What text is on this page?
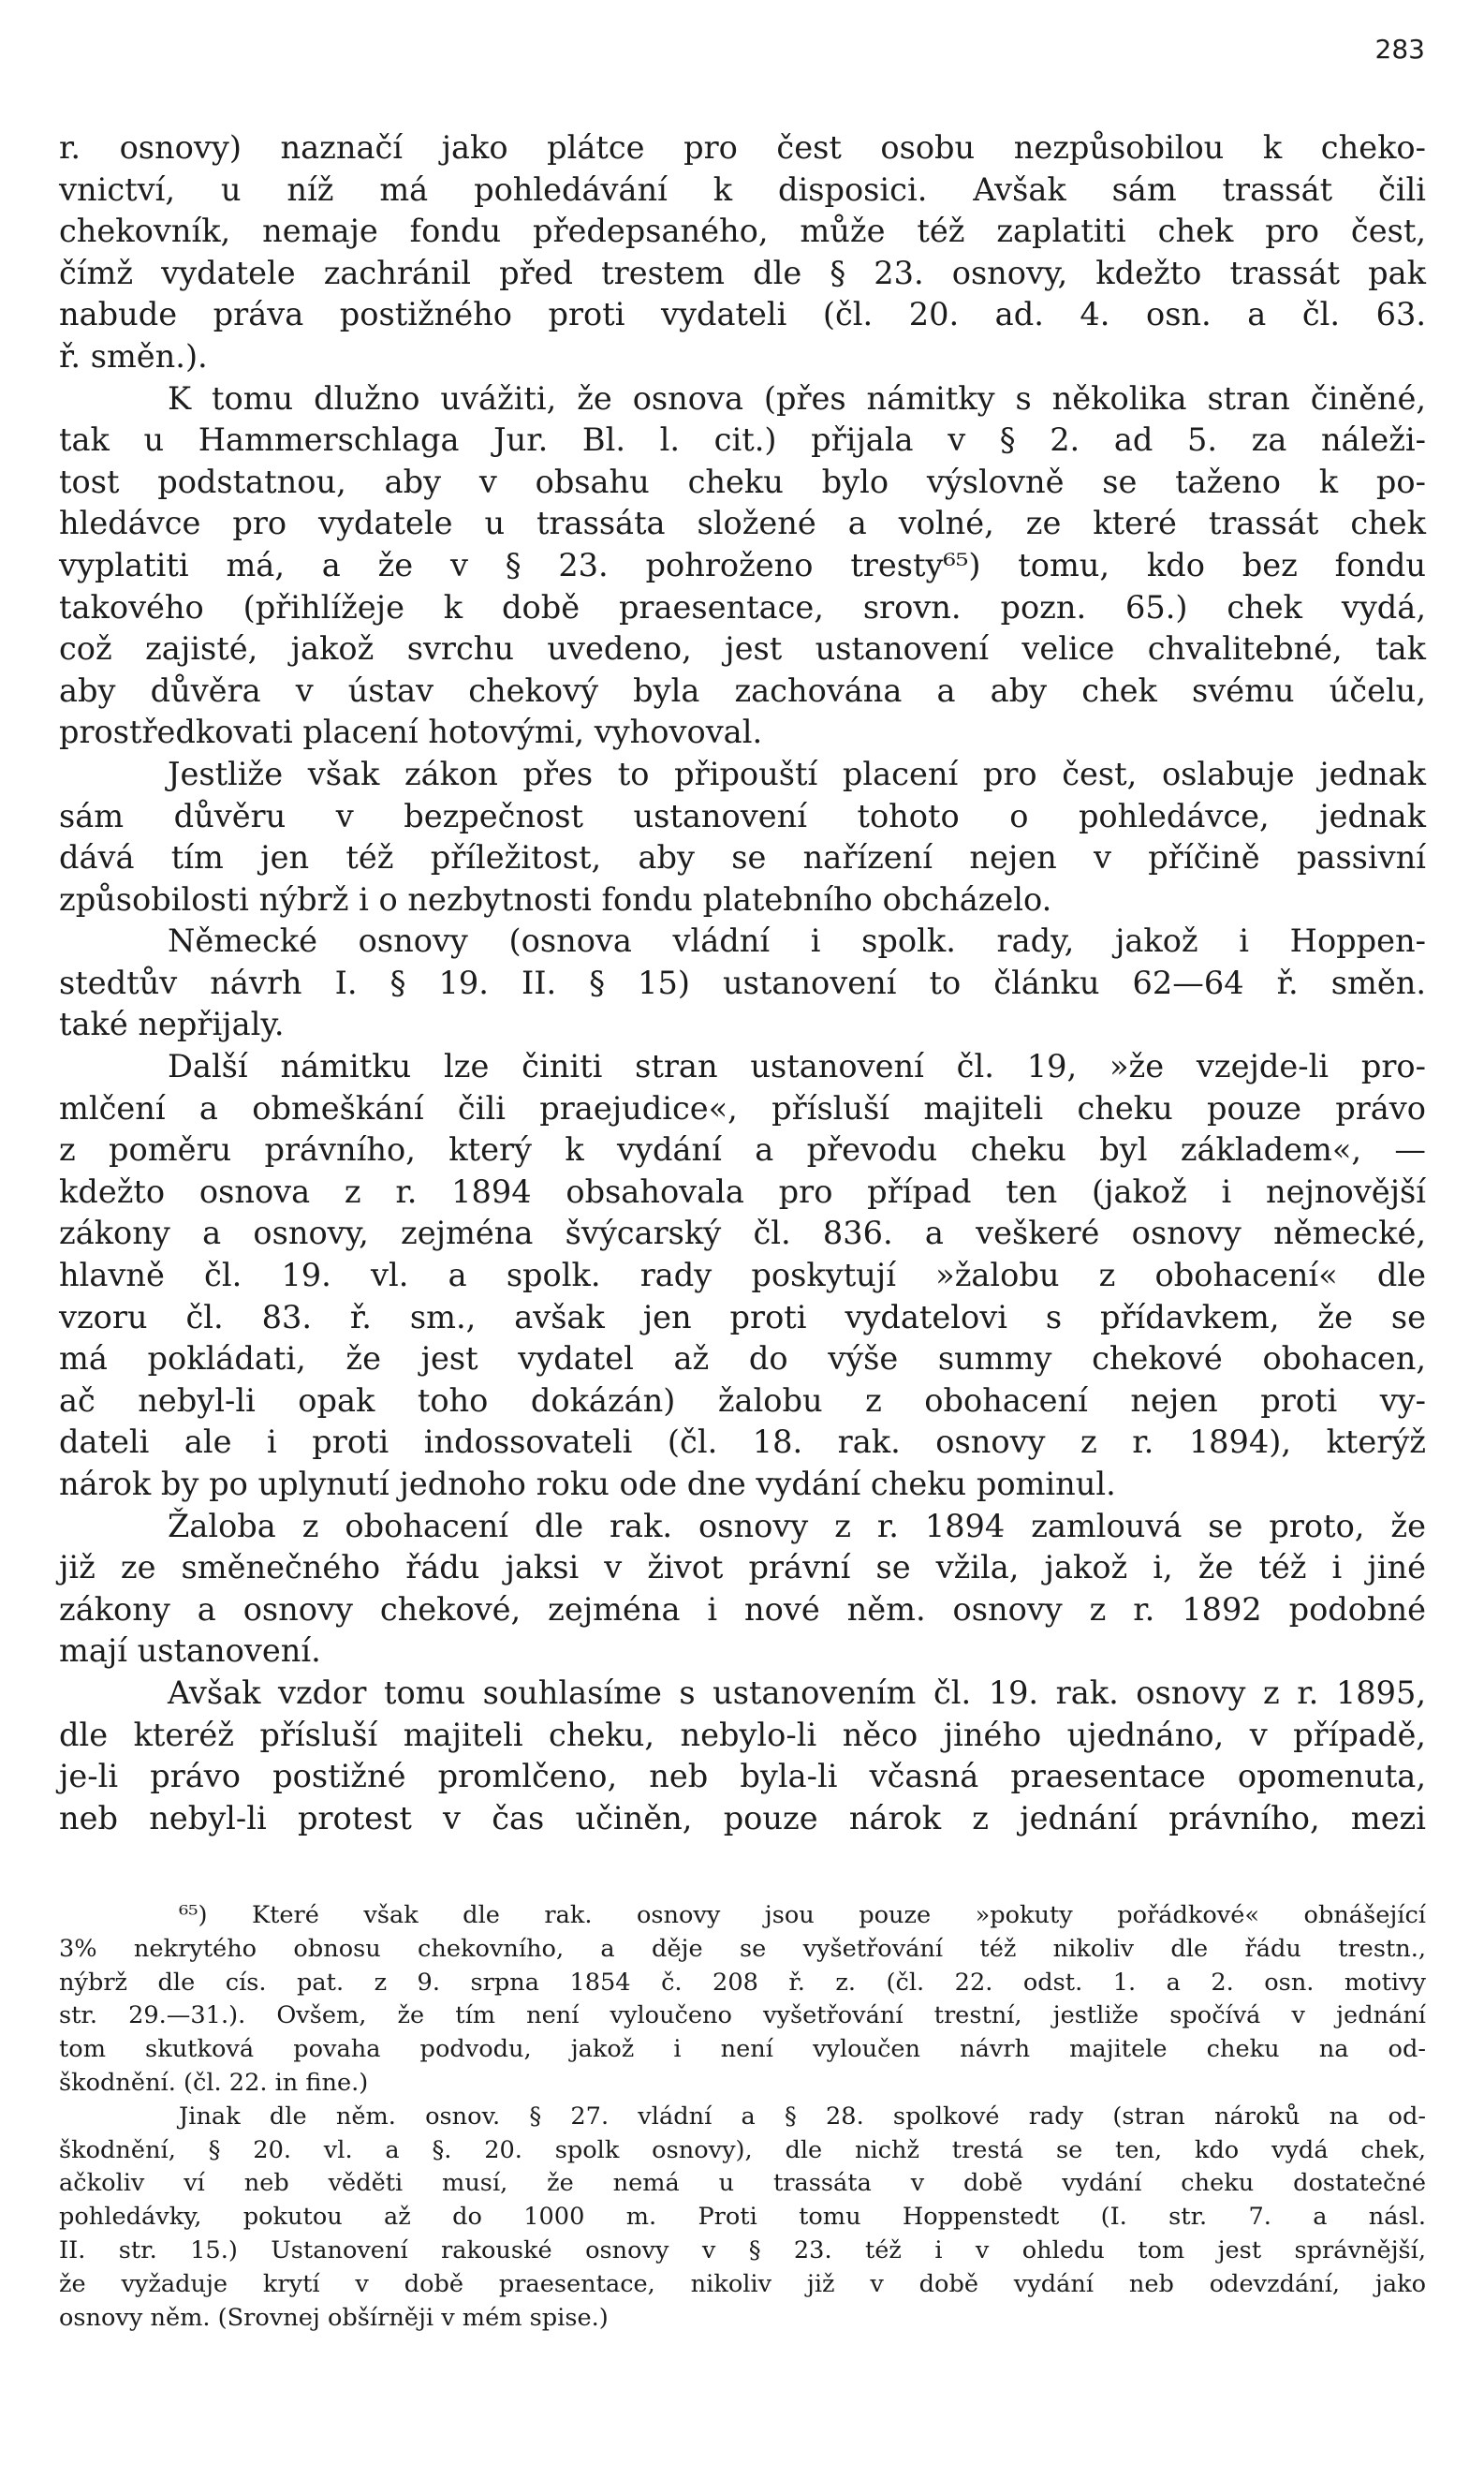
283
r. osnovy) naznačí jako plátce pro čest osobu nezpůsobilou k cheko-
vnictví, u níž má pohledávání k disposici. Avšak sám trassát čili
chekovník, nemaje fondu předepsaného, může též zaplatiti chek pro čest,
čímž vydatele zachránil před trestem dle § 23. osnovy, kdežto trassát pak
nabude práva postižného proti vydateli (čl. 20. ad. 4. osn. a čl. 63.
ř. směn.).
K tomu dlužno uvážiti, že osnova (přes námitky s několika stran činěné,
tak u Hammerschlaga Jur. Bl. l. cit.) přijala v § 2. ad 5. za náleži-
tost podstatnou, aby v obsahu cheku bylo výslovně se taženo k po-
hledávce pro vydatele u trassáta složené a volné, ze které trassát chek
vyplatiti má, a že v § 23. pohroženo tresty⁶⁵) tomu, kdo bez fondu
takového (přihlížeje k době praesentace, srovn. pozn. 65.) chek vydá,
což zajisté, jakož svrchu uvedeno, jest ustanovení velice chvalitebné, tak
aby důvěra v ústav chekový byla zachována a aby chek svému účelu,
prostředkovati placení hotovými, vyhovoval.
Jestliže však zákon přes to připouští placení pro čest, oslabuje jednak
sám důvěru v bezpečnost ustanovení tohoto o pohledávce, jednak
dává tím jen též příležitost, aby se nařízení nejen v příčině passivní
způsobilosti nýbrž i o nezbytnosti fondu platebního obcházelo.
Německé osnovy (osnova vládní i spolk. rady, jakož i Hoppen-
stedtův návrh I. § 19. II. § 15) ustanovení to článku 62—64 ř. směn.
také nepřijaly.
Další námitku lze činiti stran ustanovení čl. 19, »že vzejde-li pro-
mlčení a obmeškání čili praejudice«, přísluší majiteli cheku pouze právo
z poměru právního, který k vydání a převodu cheku byl základem«, —
kdežto osnova z r. 1894 obsahovala pro případ ten (jakož i nejnovější
zákony a osnovy, zejména švýcarský čl. 836. a veškeré osnovy německé,
hlavně čl. 19. vl. a spolk. rady poskytují »žalobu z obohacení« dle
vzoru čl. 83. ř. sm., avšak jen proti vydatelovi s přídavkem, že se
má pokládati, že jest vydatel až do výše summy chekové obohacen,
ač nebyl-li opak toho dokázán) žalobu z obohacení nejen proti vy-
dateli ale i proti indossovateli (čl. 18. rak. osnovy z r. 1894), kterýž
nárok by po uplynutí jednoho roku ode dne vydání cheku pominul.
Žaloba z obohacení dle rak. osnovy z r. 1894 zamlouvá se proto, že
již ze směnečného řádu jaksi v život právní se vžila, jakož i, že též i jiné
zákony a osnovy chekové, zejména i nové něm. osnovy z r. 1892 podobné
mají ustanovení.
Avšak vzdor tomu souhlasíme s ustanovením čl. 19. rak. osnovy z r. 1895,
dle kteréž přísluší majiteli cheku, nebylo-li něco jiného ujednáno, v případě,
je-li právo postižné promlčeno, neb byla-li včasná praesentace opomenuta,
neb nebyl-li protest v čas učiněn, pouze nárok z jednání právního, mezi
⁶⁵) Které však dle rak. osnovy jsou pouze »pokuty pořádkové« obnášející
3% nekrytého obnosu chekovního, a děje se vyšetřování též nikoliv dle řádu trestn.,
nýbrž dle cís. pat. z 9. srpna 1854 č. 208 ř. z. (čl. 22. odst. 1. a 2. osn. motivy
str. 29.—31.). Ovšem, že tím není vyloučeno vyšetřování trestní, jestliže spočívá v jednání
tom skutková povaha podvodu, jakož i není vyloučen návrh majitele cheku na od-
škodnění. (čl. 22. in fine.)
Jinak dle něm. osnov. § 27. vládní a § 28. spolkové rady (stran nároků na od-
škodnění, § 20. vl. a §. 20. spolk osnovy), dle nichž trestá se ten, kdo vydá chek,
ačkoliv ví neb věděti musí, že nemá u trassáta v době vydání cheku dostatečné
pohledávky, pokutou až do 1000 m. Proti tomu Hoppenstedt (I. str. 7. a násl.
II. str. 15.) Ustanovení rakouské osnovy v § 23. též i v ohledu tom jest správnější,
že vyžaduje krytí v době praesentace, nikoliv již v době vydání neb odevzdání, jako
osnovy něm. (Srovnej obšírněji v mém spise.)
